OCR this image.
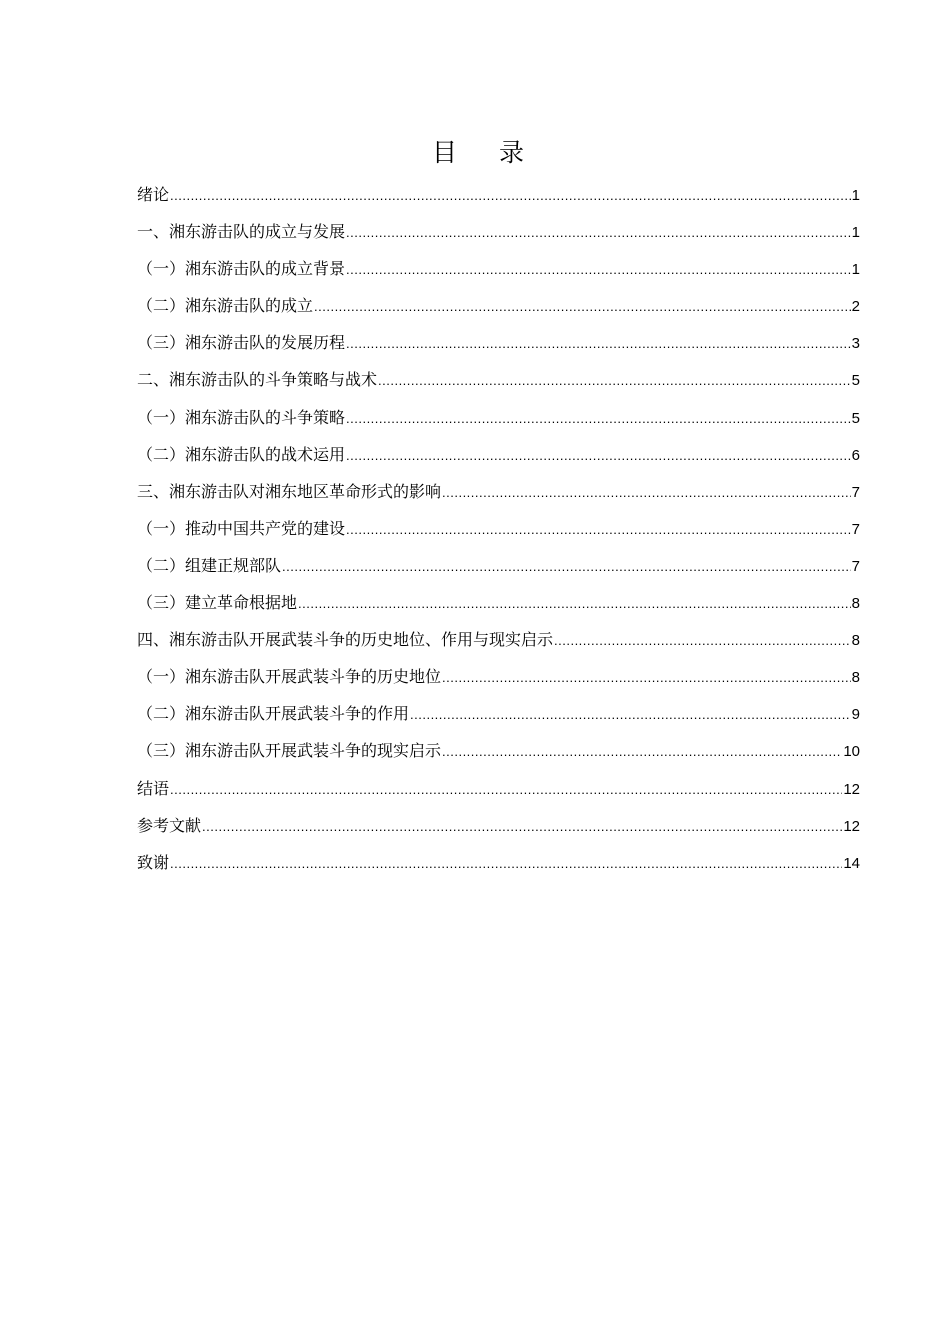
目录
绪论 .....	1
一、湘东游击队的成立与发展 .....	1
（一）湘东游击队的成立背景 .....	1
（二）湘东游击队的成立 .....	2
（三）湘东游击队的发展历程 .....	3
二、湘东游击队的斗争策略与战术 .....	5
（一）湘东游击队的斗争策略 .....	5
（二）湘东游击队的战术运用 .....	6
三、湘东游击队对湘东地区革命形式的影响 .....	7
（一）推动中国共产党的建设 .....	7
（二）组建正规部队 .....	7
（三）建立革命根据地 .....	8
四、湘东游击队开展武装斗争的历史地位、作用与现实启示 .....	8
（一）湘东游击队开展武装斗争的历史地位 .....	8
（二）湘东游击队开展武装斗争的作用 .....	9
（三）湘东游击队开展武装斗争的现实启示 .....	10
结语 .....	12
参考文献 .....	12
致谢 .....	14
